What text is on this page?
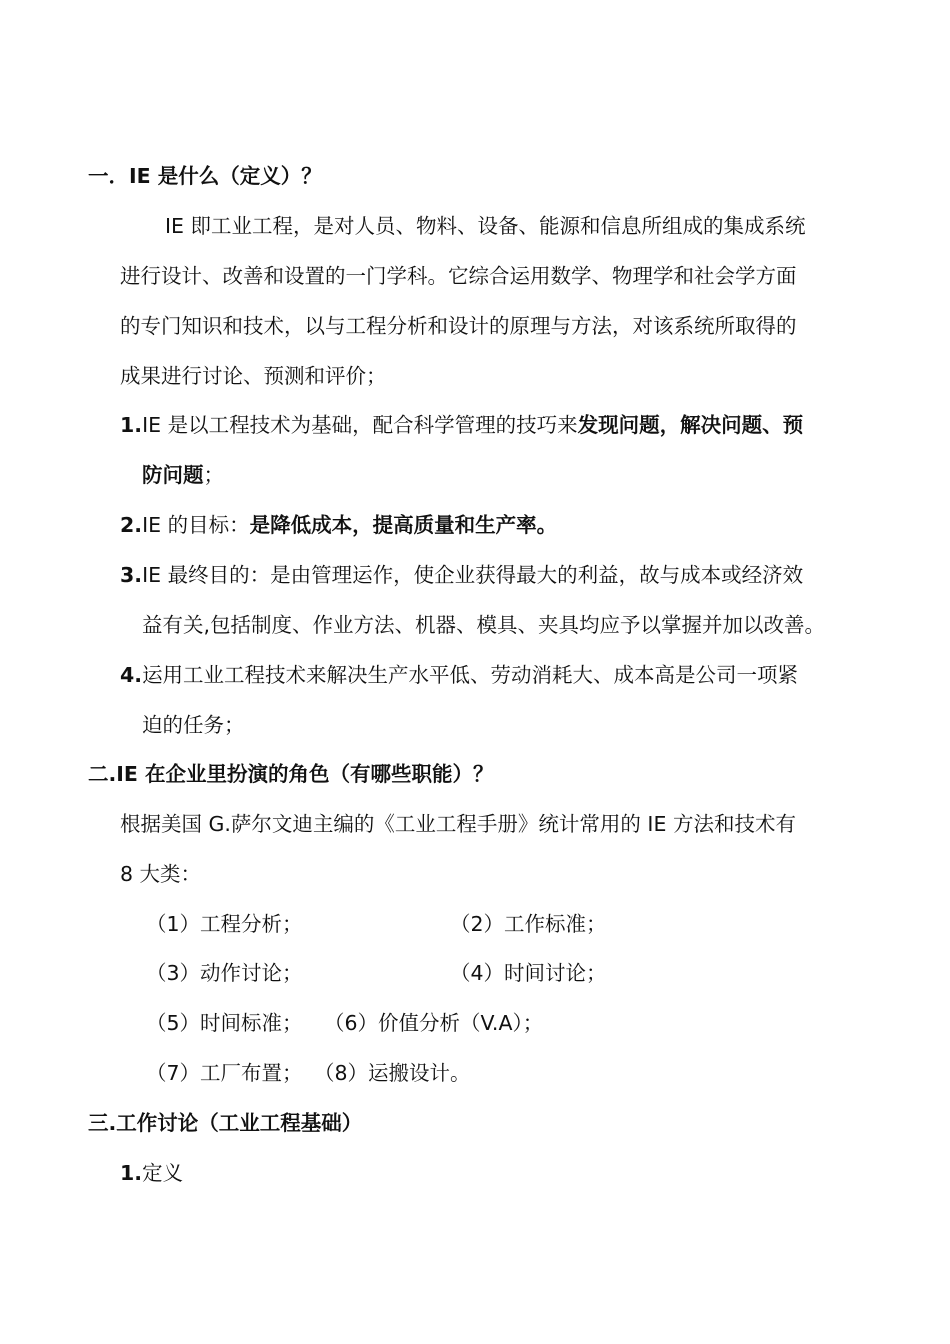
一．IE 是什么（定义）？
IE 即工业工程，是对人员、物料、设备、能源和信息所组成的集成系统
进行设计、改善和设置的一门学科。它综合运用数学、物理学和社会学方面
的专门知识和技术，以与工程分析和设计的原理与方法，对该系统所取得的
成果进行讨论、预测和评价；
1.IE 是以工程技术为基础，配合科学管理的技巧来发现问题，解决问题、预
防问题；
2.IE 的目标：是降低成本，提高质量和生产率。
3.IE 最终目的：是由管理运作，使企业获得最大的利益，故与成本或经济效
益有关,包括制度、作业方法、机器、模具、夹具均应予以掌握并加以改善。
4.运用工业工程技术来解决生产水平低、劳动消耗大、成本高是公司一项紧
迫的任务；
二.IE 在企业里扮演的角色（有哪些职能）？
根据美国 G.萨尔文迪主编的《工业工程手册》统计常用的 IE 方法和技术有
8 大类：
（1）工程分析；	（2）工作标准；
（3）动作讨论；	（4）时间讨论；
（5）时间标准； （6）价值分析（V.A）；
（7）工厂布置； （8）运搬设计。
三.工作讨论（工业工程基础）
1.定义
